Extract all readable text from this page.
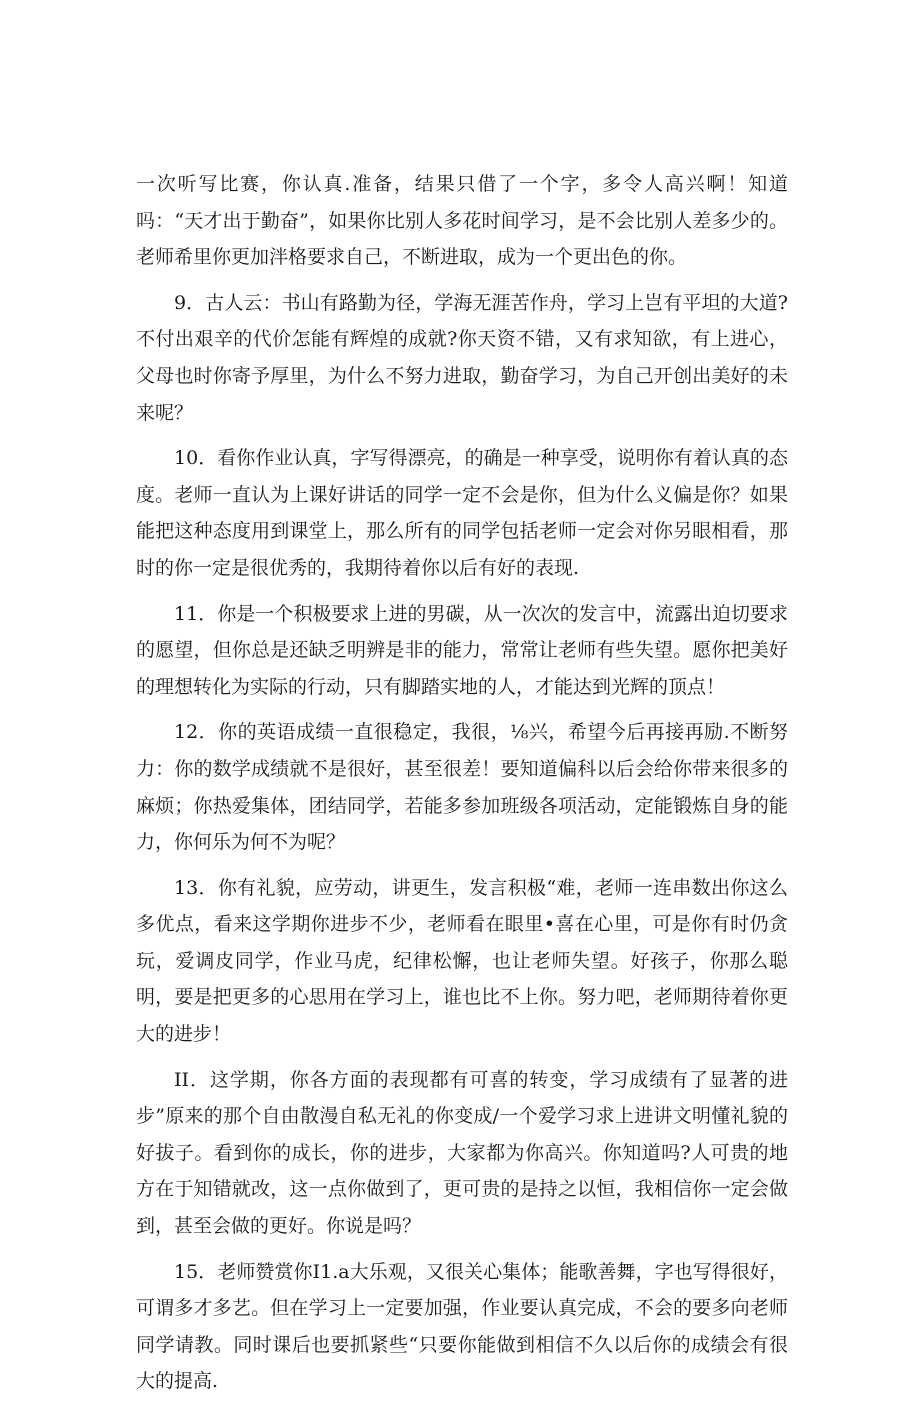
一次听写比赛，你认真.准备，结果只借了一个字，多令人高兴啊！知道吗：“天才出于勤奋”，如果你比别人多花时间学习，是不会比别人差多少的。老师希里你更加泮格要求自己，不断进取，成为一个更出色的你。

9．古人云：书山有路勤为径，学海无涯苦作舟，学习上岂有平坦的大道?不付出艰辛的代价怎能有辉煌的成就?你天资不错，又有求知欲，有上进心，父母也时你寄予厚里，为什么不努力进取，勤奋学习，为自己开创出美好的未来呢？

10．看你作业认真，字写得漂亮，的确是一种享受，说明你有着认真的态度。老师一直认为上课好讲话的同学一定不会是你，但为什么义偏是你？如果能把这种态度用到课堂上，那么所有的同学包括老师一定会对你另眼相看，那时的你一定是很优秀的，我期待着你以后有好的表现.

11．你是一个积极要求上进的男碳，从一次次的发言中，流露出迫切要求的愿望，但你总是还缺乏明辨是非的能力，常常让老师有些失望。愿你把美好的理想转化为实际的行动，只有脚踏实地的人，才能达到光辉的顶点！

12．你的英语成绩一直很稳定，我很，⅛兴，希望今后再接再励.不断努力：你的数学成绩就不是很好，甚至很差！要知道偏科以后会给你带来很多的麻烦；你热爱集体，团结同学，若能多参加班级各项活动，定能锻炼自身的能力，你何乐为何不为呢？

13．你有礼貌，应劳动，讲更生，发言积极“难，老师一连串数出你这么多优点，看来这学期你进步不少，老师看在眼里•喜在心里，可是你有时仍贪玩，爱调皮同学，作业马虎，纪律松懈，也让老师失望。好孩子，你那么聪明，要是把更多的心思用在学习上，谁也比不上你。努力吧，老师期待着你更大的进步！

II．这学期，你各方面的表现都有可喜的转变，学习成绩有了显著的进步”原来的那个自由散漫自私无礼的你变成/一个爱学习求上进讲文明懂礼貌的好拔子。看到你的成长，你的进步，大家都为你高兴。你知道吗?人可贵的地方在于知错就改，这一点你做到了，更可贵的是持之以恒，我相信你一定会做到，甚至会做的更好。你说是吗？

15．老师赞赏你I1.a大乐观，又很关心集体；能歌善舞，字也写得很好，可谓多才多艺。但在学习上一定要加强，作业要认真完成，不会的要多向老师同学请教。同时课后也要抓紧些“只要你能做到相信不久以后你的成绩会有很大的提高.
